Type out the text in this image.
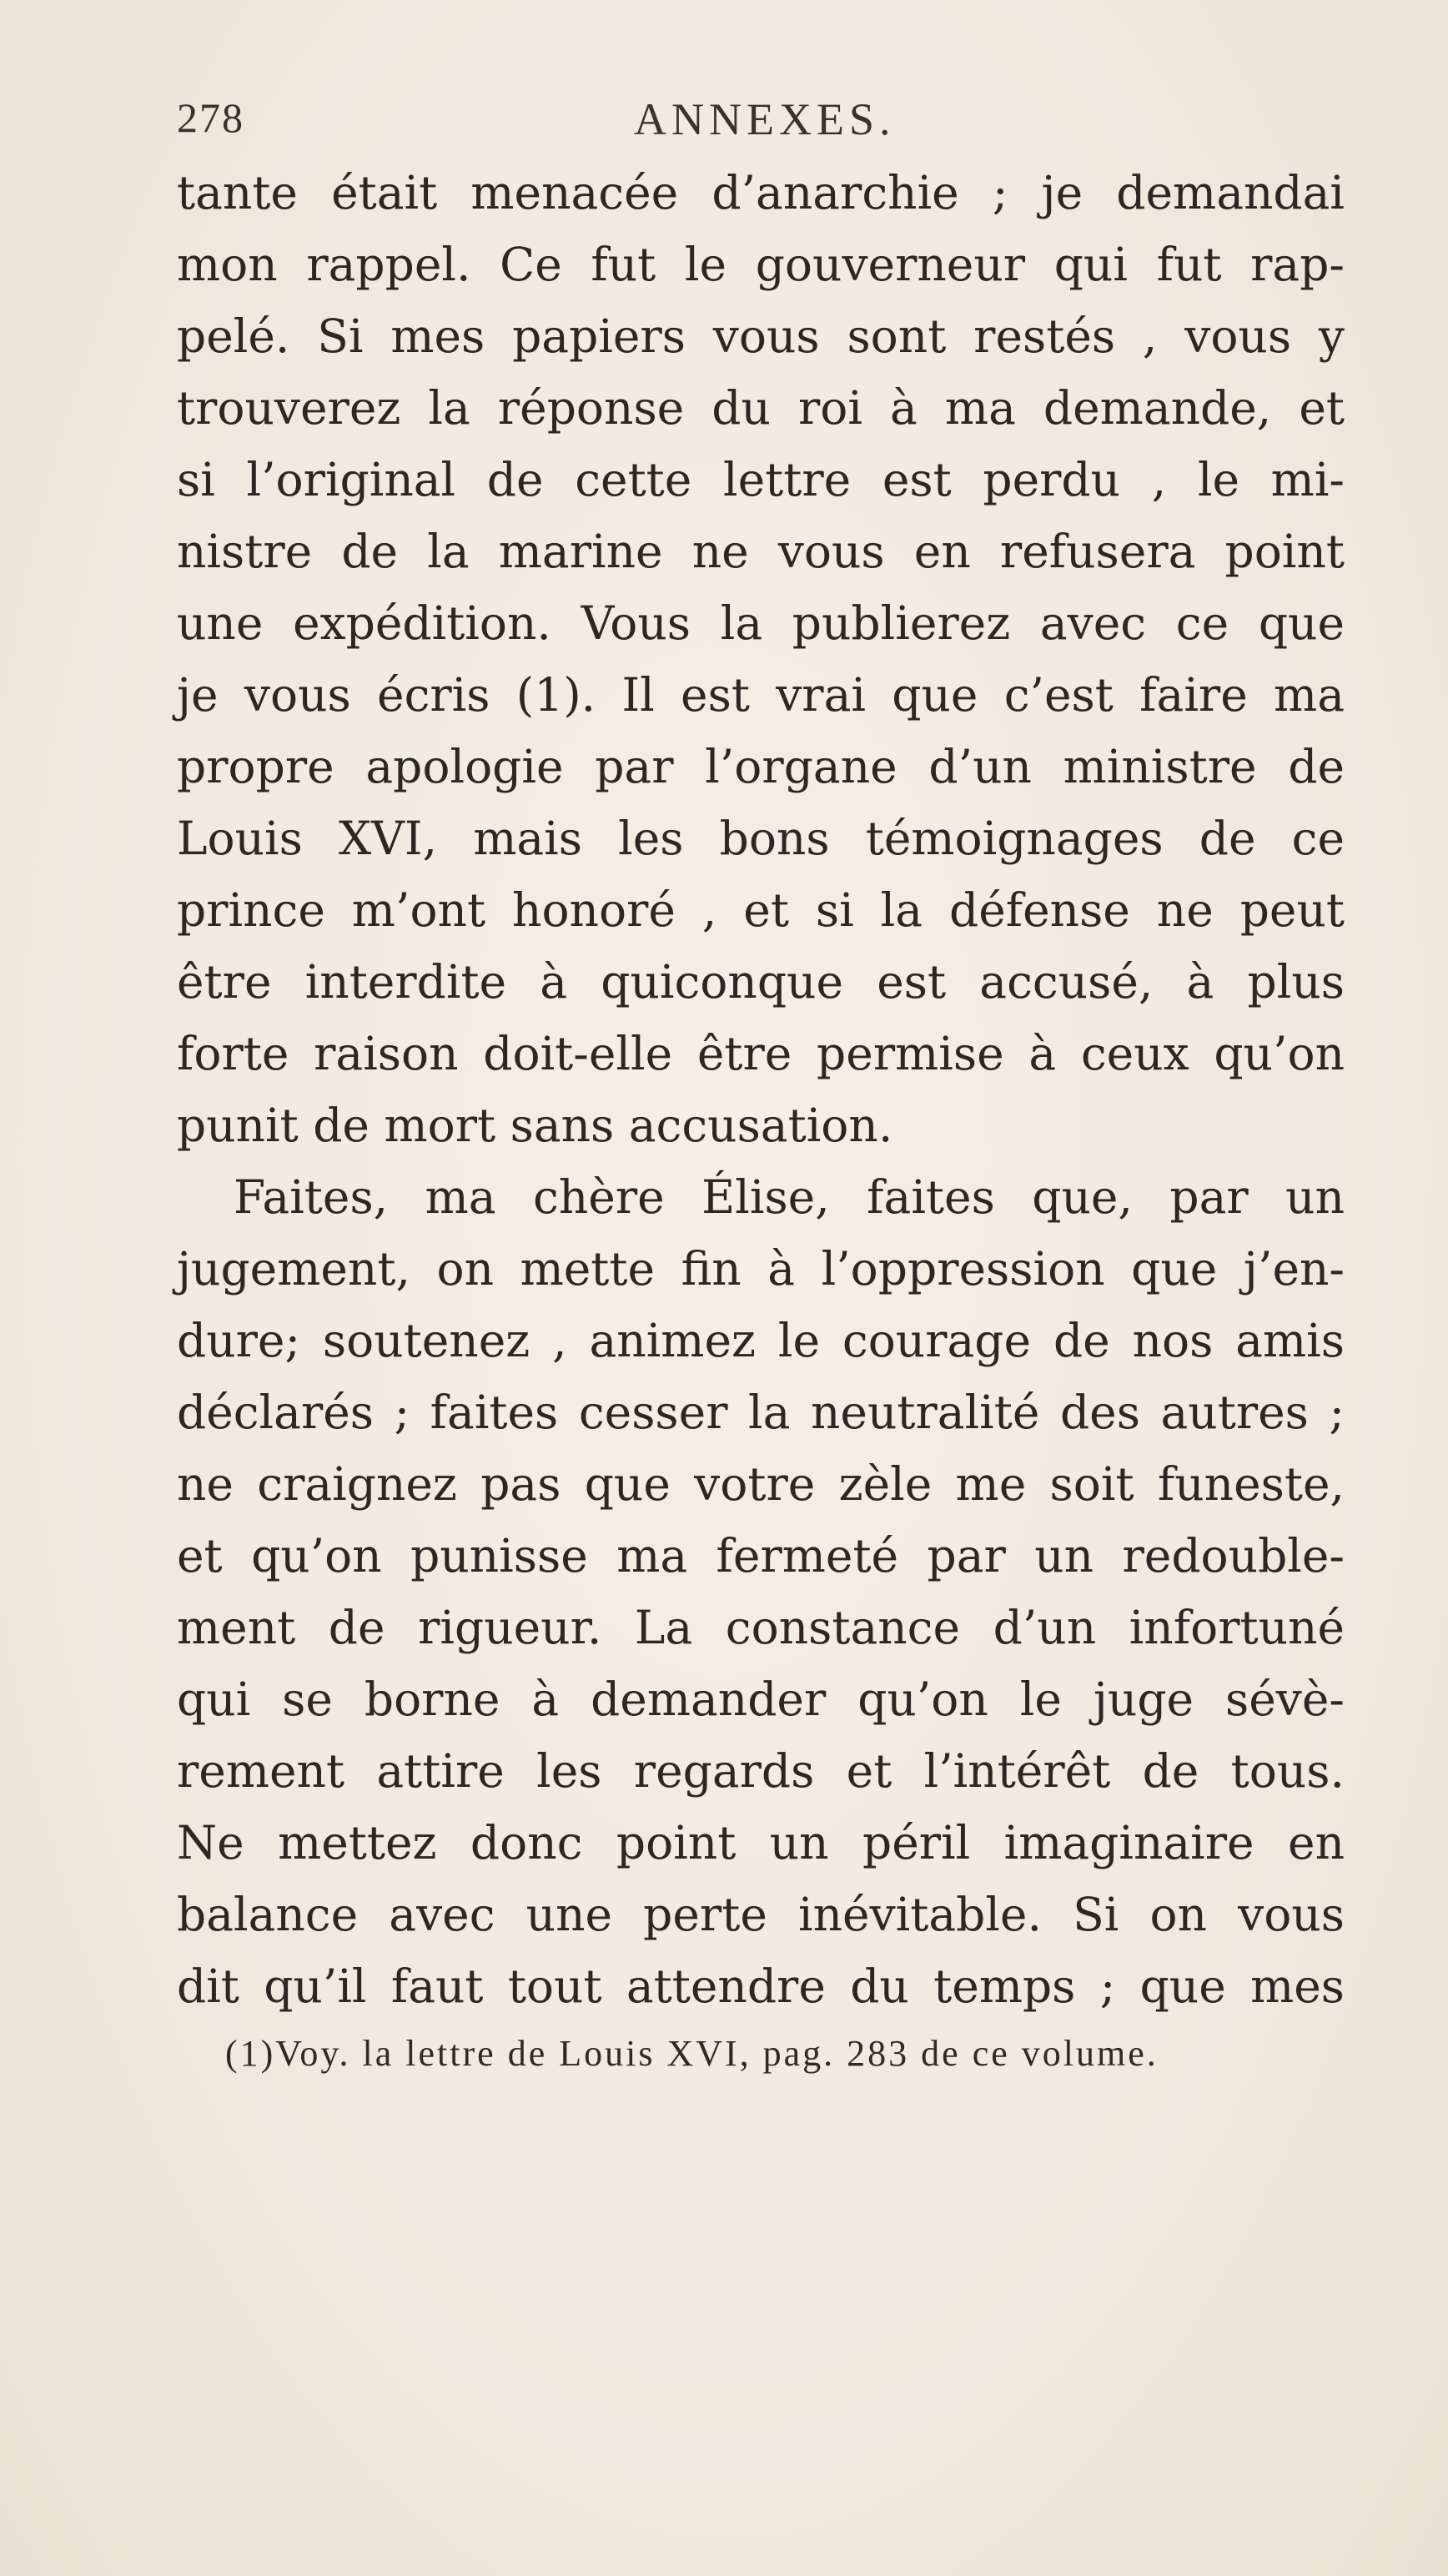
278	ANNEXES.
tante était menacée d’anarchie ; je demandai
mon rappel. Ce fut le gouverneur qui fut rap-
pelé. Si mes papiers vous sont restés , vous y
trouverez la réponse du roi à ma demande, et
si l’original de cette lettre est perdu , le mi-
nistre de la marine ne vous en refusera point
une expédition. Vous la publierez avec ce que
je vous écris (1). Il est vrai que c’est faire ma
propre apologie par l’organe d’un ministre de
Louis XVI, mais les bons témoignages de ce
prince m’ont honoré , et si la défense ne peut
être interdite à quiconque est accusé, à plus
forte raison doit-elle être permise à ceux qu’on
punit de mort sans accusation.
Faites, ma chère Élise, faites que, par un
jugement, on mette fin à l’oppression que j’en-
dure; soutenez , animez le courage de nos amis
déclarés ; faites cesser la neutralité des autres ;
ne craignez pas que votre zèle me soit funeste,
et qu’on punisse ma fermeté par un redouble-
ment de rigueur. La constance d’un infortuné
qui se borne à demander qu’on le juge sévè-
rement attire les regards et l’intérêt de tous.
Ne mettez donc point un péril imaginaire en
balance avec une perte inévitable. Si on vous
dit qu’il faut tout attendre du temps ; que mes
(1)Voy. la lettre de Louis XVI, pag. 283 de ce volume.
